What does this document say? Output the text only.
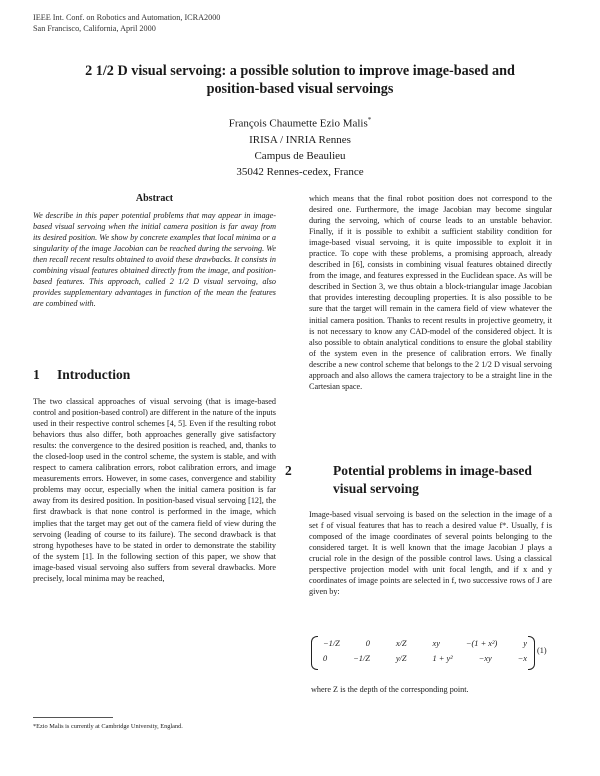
IEEE Int. Conf. on Robotics and Automation, ICRA2000
San Francisco, California, April 2000
2 1/2 D visual servoing: a possible solution to improve image-based and
position-based visual servoings
François Chaumette Ezio Malis*
IRISA / INRIA Rennes
Campus de Beaulieu
35042 Rennes-cedex, France
Abstract
We describe in this paper potential problems that may appear in image-based visual servoing when the initial camera position is far away from its desired position. We show by concrete examples that local minima or a singularity of the image Jacobian can be reached during the servoing. We then recall recent results obtained to avoid these drawbacks. It consists in combining visual features obtained directly from the image, and position-based features. This approach, called 2 1/2 D visual servoing, also provides supplementary advantages in function of the mean the features are combined with.
1 Introduction
The two classical approaches of visual servoing (that is image-based control and position-based control) are different in the nature of the inputs used in their respective control schemes [4, 5]. Even if the resulting robot behaviors thus also differ, both approaches generally give satisfactory results: the convergence to the desired position is reached, and, thanks to the closed-loop used in the control scheme, the system is stable, and with respect to camera calibration errors, robot calibration errors, and image measurements errors. However, in some cases, convergence and stability problems may occur, especially when the initial camera position is far away from its desired position. In position-based visual servoing [12], the first drawback is that none control is performed in the image, which implies that the target may get out of the camera field of view during the servoing (leading of course to its failure). The second drawback is that strong hypotheses have to be stated in order to demonstrate the stability of the system [1]. In the following section of this paper, we show that image-based visual servoing also suffers from several drawbacks. More precisely, local minima may be reached,
*Ezio Malis is currently at Cambridge University, England.
which means that the final robot position does not correspond to the desired one. Furthermore, the image Jacobian may become singular during the servoing, which of course leads to an unstable behavior. Finally, if it is possible to exhibit a sufficient stability condition for image-based visual servoing, it is quite impossible to exploit it in practice. To cope with these problems, a promising approach, already described in [6], consists in combining visual features obtained directly from the image, and features expressed in the Euclidean space. As will be described in Section 3, we thus obtain a block-triangular image Jacobian that provides interesting decoupling properties. It is also possible to be sure that the target will remain in the camera field of view whatever the initial camera position. Thanks to recent results in projective geometry, it is not necessary to know any CAD-model of the considered object. It is also possible to obtain analytical conditions to ensure the global stability of the system even in the presence of calibration errors. We finally describe a new control scheme that belongs to the 2 1/2 D visual servoing approach and also allows the camera trajectory to be a straight line in the Cartesian space.
2	Potential problems in image-based
visual servoing
Image-based visual servoing is based on the selection in the image of a set f of visual features that has to reach a desired value f*. Usually, f is composed of the image coordinates of several points belonging to the considered target. It is well known that the image Jacobian J plays a crucial role in the design of the possible control laws. Using a classical perspective projection model with unit focal length, and if x and y coordinates of image points are selected in f, two successive rows of J are given by:
−1/Z	0	x/Z	xy	−(1 + x²)	y
0	−1/Z	y/Z	1 + y²	−xy	−x
(1)
where Z is the depth of the corresponding point.
